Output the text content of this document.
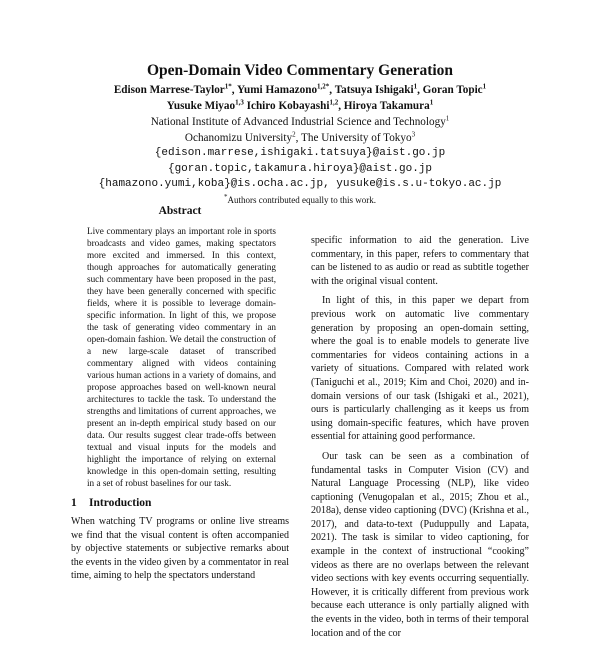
Open-Domain Video Commentary Generation
Edison Marrese-Taylor$^{1*}$, Yumi Hamazono$^{1,2*}$, Tatsuya Ishigaki$^1$, Goran Topic$^1$
Yusuke Miyao$^{1,3}$ Ichiro Kobayashi$^{1,2}$, Hiroya Takamura$^1$
National Institute of Advanced Industrial Science and Technology$^1$
Ochanomizu University$^2$, The University of Tokyo$^3$
{edison.marrese,ishigaki.tatsuya}@aist.go.jp
{goran.topic,takamura.hiroya}@aist.go.jp
{hamazono.yumi,koba}@is.ocha.ac.jp, yusuke@is.s.u-tokyo.ac.jp
*Authors contributed equally to this work.
Abstract
Live commentary plays an important role in sports broadcasts and video games, making spectators more excited and immersed. In this context, though approaches for automatically generating such commentary have been proposed in the past, they have been generally concerned with specific fields, where it is possible to leverage domain-specific information. In light of this, we propose the task of generating video commentary in an open-domain fashion. We detail the construction of a new large-scale dataset of transcribed commentary aligned with videos containing various human actions in a variety of domains, and propose approaches based on well-known neural architectures to tackle the task. To understand the strengths and limitations of current approaches, we present an in-depth empirical study based on our data. Our results suggest clear trade-offs between textual and visual inputs for the models and highlight the importance of relying on external knowledge in this open-domain setting, resulting in a set of robust baselines for our task.
1 Introduction
When watching TV programs or online live streams we find that the visual content is often accompanied by objective statements or subjective remarks about the events in the video given by a commentator in real time, aiming to help the spectators understand

specific information to aid the generation. Live commentary, in this paper, refers to commentary that can be listened to as audio or read as subtitle together with the original visual content.

In light of this, in this paper we depart from previous work on automatic live commentary generation by proposing an open-domain setting, where the goal is to enable models to generate live commentaries for videos containing actions in a variety of situations. Compared with related work (Taniguchi et al., 2019; Kim and Choi, 2020) and in-domain versions of our task (Ishigaki et al., 2021), ours is particularly challenging as it keeps us from using domain-specific features, which have proven essential for attaining good performance.

Our task can be seen as a combination of fundamental tasks in Computer Vision (CV) and Natural Language Processing (NLP), like video captioning (Venugopalan et al., 2015; Zhou et al., 2018a), dense video captioning (DVC) (Krishna et al., 2017), and data-to-text (Puduppully and Lapata, 2021). The task is similar to video captioning, for example in the context of instructional “cooking” videos as there are no overlaps between the relevant video sections with key events occurring sequentially. However, it is critically different from previous work because each utterance is only partially aligned with the events in the video, both in terms of their temporal location and of the cor
